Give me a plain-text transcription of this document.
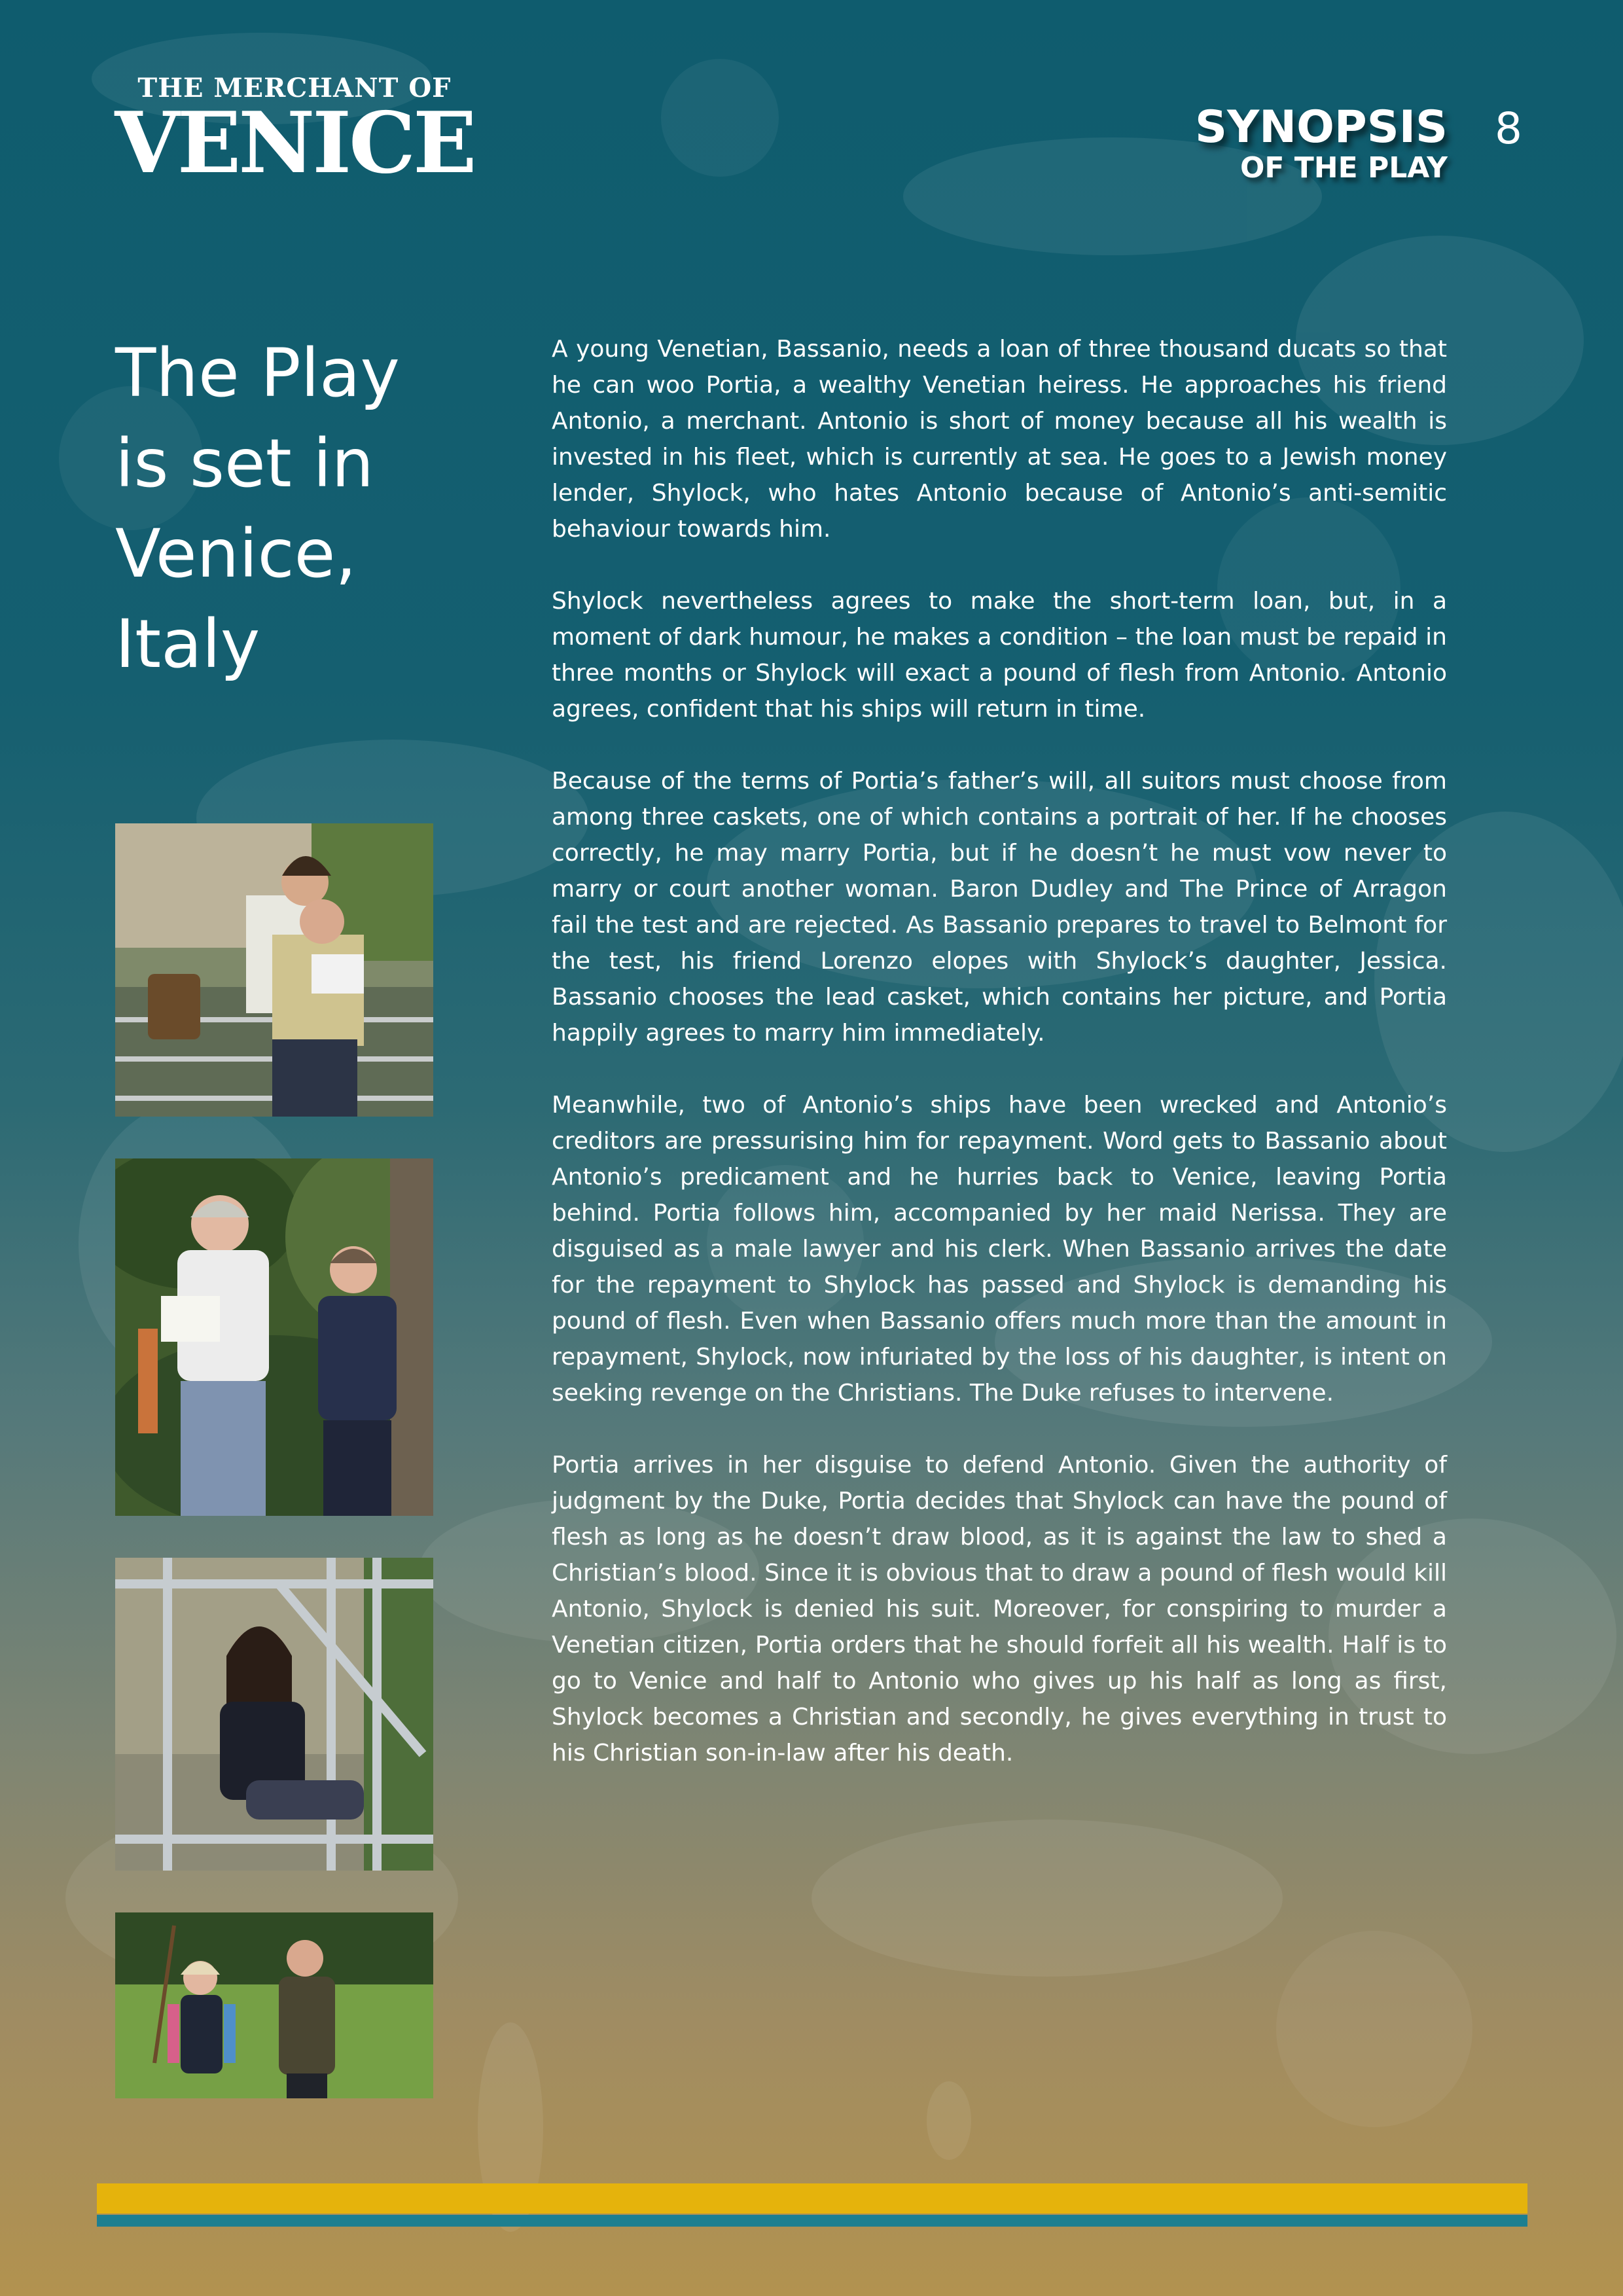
THE MERCHANT OF
VENICE	SYNOPSIS
OF THE PLAY
8
The Play
is set in
Venice,
Italy

A young Venetian, Bassanio, needs a loan of three thousand ducats so that he can woo Portia, a wealthy Venetian heiress. He approaches his friend Antonio, a merchant. Antonio is short of money because all his wealth is invested in his fleet, which is currently at sea. He goes to a Jewish money lender, Shylock, who hates Antonio because of Antonio’s anti-semitic behaviour towards him.

Shylock nevertheless agrees to make the short-term loan, but, in a moment of dark humour, he makes a condition – the loan must be repaid in three months or Shylock will exact a pound of flesh from Antonio. Antonio agrees, confident that his ships will return in time.

Because of the terms of Portia’s father’s will, all suitors must choose from among three caskets, one of which contains a portrait of her. If he chooses correctly, he may marry Portia, but if he doesn’t he must vow never to marry or court another woman. Baron Dudley and The Prince of Arragon fail the test and are rejected. As Bassanio prepares to travel to Belmont for the test, his friend Lorenzo elopes with Shylock’s daughter, Jessica. Bassanio chooses the lead casket, which contains her picture, and Portia happily agrees to marry him immediately.

Meanwhile, two of Antonio’s ships have been wrecked and Antonio’s creditors are pressurising him for repayment. Word gets to Bassanio about Antonio’s predicament and he hurries back to Venice, leaving Portia behind. Portia follows him, accompanied by her maid Nerissa. They are disguised as a male lawyer and his clerk. When Bassanio arrives the date for the repayment to Shylock has passed and Shylock is demanding his pound of flesh. Even when Bassanio offers much more than the amount in repayment, Shylock, now infuriated by the loss of his daughter, is intent on seeking revenge on the Christians. The Duke refuses to intervene.

Portia arrives in her disguise to defend Antonio. Given the authority of judgment by the Duke, Portia decides that Shylock can have the pound of flesh as long as he doesn’t draw blood, as it is against the law to shed a Christian’s blood. Since it is obvious that to draw a pound of flesh would kill Antonio, Shylock is denied his suit. Moreover, for conspiring to murder a Venetian citizen, Portia orders that he should forfeit all his wealth. Half is to go to Venice and half to Antonio who gives up his half as long as first, Shylock becomes a Christian and secondly, he gives everything in trust to his Christian son-in-law after his death.
